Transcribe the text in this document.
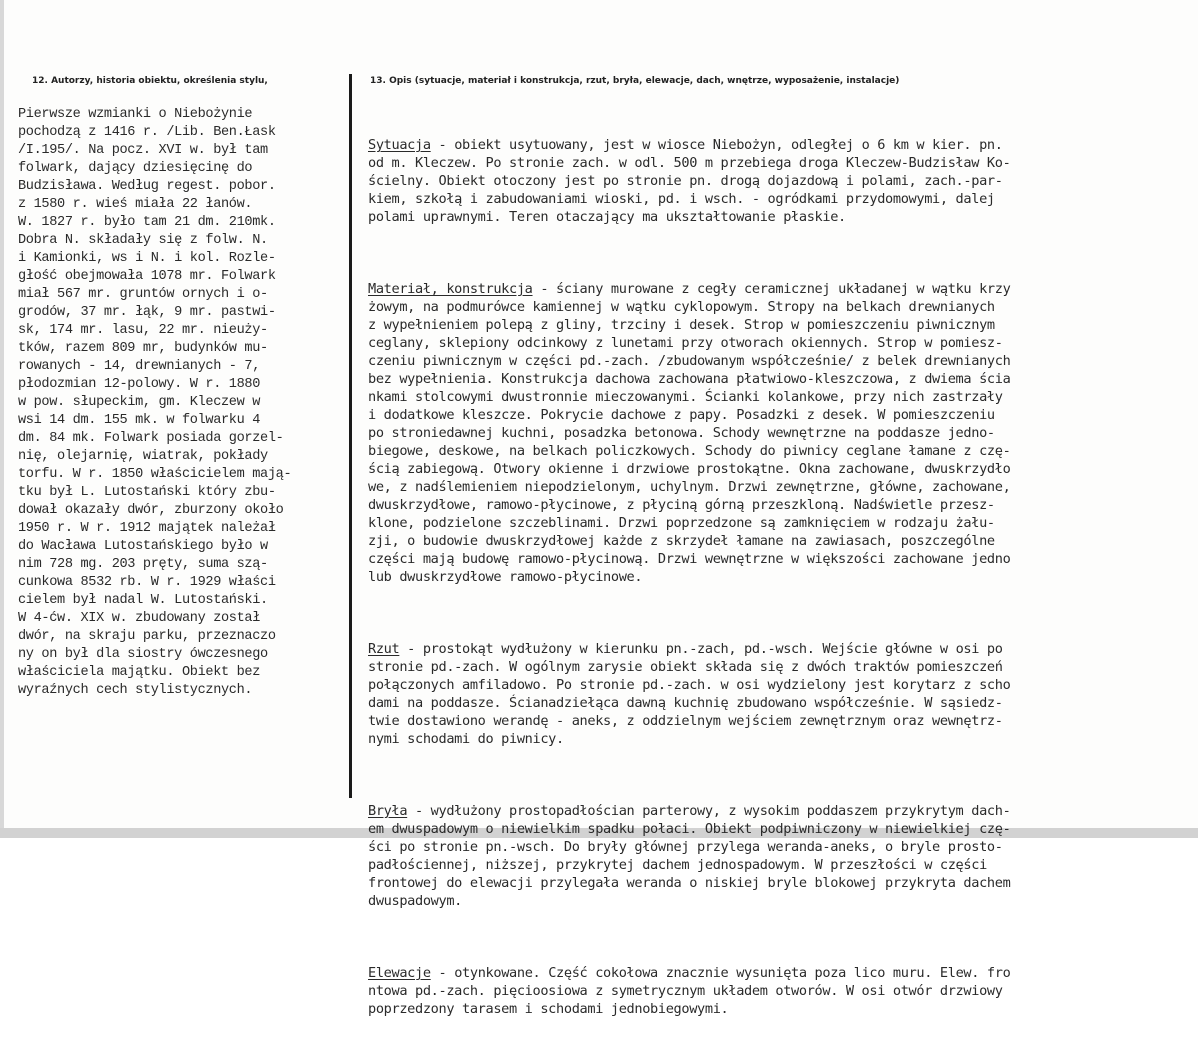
12. Autorzy, historia obiektu, określenia stylu,	13. Opis (sytuacje, materiał i konstrukcja, rzut, bryła, elewacje, dach, wnętrze, wyposażenie, instalacje)
Pierwsze wzmianki o Niebożynie
pochodzą z 1416 r. /Lib. Ben.Łask
/I.195/. Na pocz. XVI w. był tam
folwark, dający dziesięcinę do
Budzisława. Według regest. pobor.
z 1580 r. wieś miała 22 łanów.
W. 1827 r. było tam 21 dm. 210mk.
Dobra N. składały się z folw. N.
i Kamionki, ws i N. i kol. Rozle-
głość obejmowała 1078 mr. Folwark
miał 567 mr. gruntów ornych i o-
grodów, 37 mr. łąk, 9 mr. pastwi-
sk, 174 mr. lasu, 22 mr. nieuży-
tków, razem 809 mr, budynków mu-
rowanych - 14, drewnianych - 7,
płodozmian 12-polowy. W r. 1880
w pow. słupeckim, gm. Kleczew w
wsi 14 dm. 155 mk. w folwarku 4
dm. 84 mk. Folwark posiada gorzel-
nię, olejarnię, wiatrak, pokłady
torfu. W r. 1850 właścicielem mają-
tku był L. Lutostański który zbu-
dował okazały dwór, zburzony około
1950 r. W r. 1912 majątek należał
do Wacława Lutostańskiego było w
nim 728 mg. 203 pręty, suma szą-
cunkowa 8532 rb. W r. 1929 właści
cielem był nadal W. Lutostański.
W 4-ćw. XIX w. zbudowany został
dwór, na skraju parku, przeznaczo
ny on był dla siostry ówczesnego
właściciela majątku. Obiekt bez
wyraźnych cech stylistycznych.

Sytuacja - obiekt usytuowany, jest w wiosce Niebożyn, odległej o 6 km w kier. pn.
od m. Kleczew. Po stronie zach. w odl. 500 m przebiega droga Kleczew-Budzisław Ko-
ścielny. Obiekt otoczony jest po stronie pn. drogą dojazdową i polami, zach.-par-
kiem, szkołą i zabudowaniami wioski, pd. i wsch. - ogródkami przydomowymi, dalej
polami uprawnymi. Teren otaczający ma ukształtowanie płaskie.

Materiał, konstrukcja - ściany murowane z cegły ceramicznej układanej w wątku krzy
żowym, na podmurówce kamiennej w wątku cyklopowym. Stropy na belkach drewnianych
z wypełnieniem polepą z gliny, trzciny i desek. Strop w pomieszczeniu piwnicznym
ceglany, sklepiony odcinkowy z lunetami przy otworach okiennych. Strop w pomiesz-
czeniu piwnicznym w części pd.-zach. /zbudowanym współcześnie/ z belek drewnianych
bez wypełnienia. Konstrukcja dachowa zachowana płatwiowo-kleszczowa, z dwiema ścia
nkami stolcowymi dwustronnie mieczowanymi. Ścianki kolankowe, przy nich zastrzały
i dodatkowe kleszcze. Pokrycie dachowe z papy. Posadzki z desek. W pomieszczeniu
po stroniedawnej kuchni, posadzka betonowa. Schody wewnętrzne na poddasze jedno-
biegowe, deskowe, na belkach policzkowych. Schody do piwnicy ceglane łamane z czę-
ścią zabiegową. Otwory okienne i drzwiowe prostokątne. Okna zachowane, dwuskrzydło
we, z nadślemieniem niepodzielonym, uchylnym. Drzwi zewnętrzne, główne, zachowane,
dwuskrzydłowe, ramowo-płycinowe, z płyciną górną przeszkloną. Nadświetle przesz-
klone, podzielone szczeblinami. Drzwi poprzedzone są zamknięciem w rodzaju żału-
zji, o budowie dwuskrzydłowej każde z skrzydeł łamane na zawiasach, poszczególne
części mają budowę ramowo-płycinową. Drzwi wewnętrzne w większości zachowane jedno
lub dwuskrzydłowe ramowo-płycinowe.

Rzut - prostokąt wydłużony w kierunku pn.-zach, pd.-wsch. Wejście główne w osi po
stronie pd.-zach. W ogólnym zarysie obiekt składa się z dwóch traktów pomieszczeń
połączonych amfiladowo. Po stronie pd.-zach. w osi wydzielony jest korytarz z scho
dami na poddasze. Ścianadziełąca dawną kuchnię zbudowano współcześnie. W sąsiedz-
twie dostawiono werandę - aneks, z oddzielnym wejściem zewnętrznym oraz wewnętrz-
nymi schodami do piwnicy.

Bryła - wydłużony prostopadłościan parterowy, z wysokim poddaszem przykrytym dach-
em dwuspadowym o niewielkim spadku połaci. Obiekt podpiwniczony w niewielkiej czę-
ści po stronie pn.-wsch. Do bryły głównej przylega weranda-aneks, o bryle prosto-
padłościennej, niższej, przykrytej dachem jednospadowym. W przeszłości w części
frontowej do elewacji przylegała weranda o niskiej bryle blokowej przykryta dachem
dwuspadowym.

Elewacje - otynkowane. Część cokołowa znacznie wysunięta poza lico muru. Elew. fro
ntowa pd.-zach. pięcioosiowa z symetrycznym układem otworów. W osi otwór drzwiowy
poprzedzony tarasem i schodami jednobiegowymi.
